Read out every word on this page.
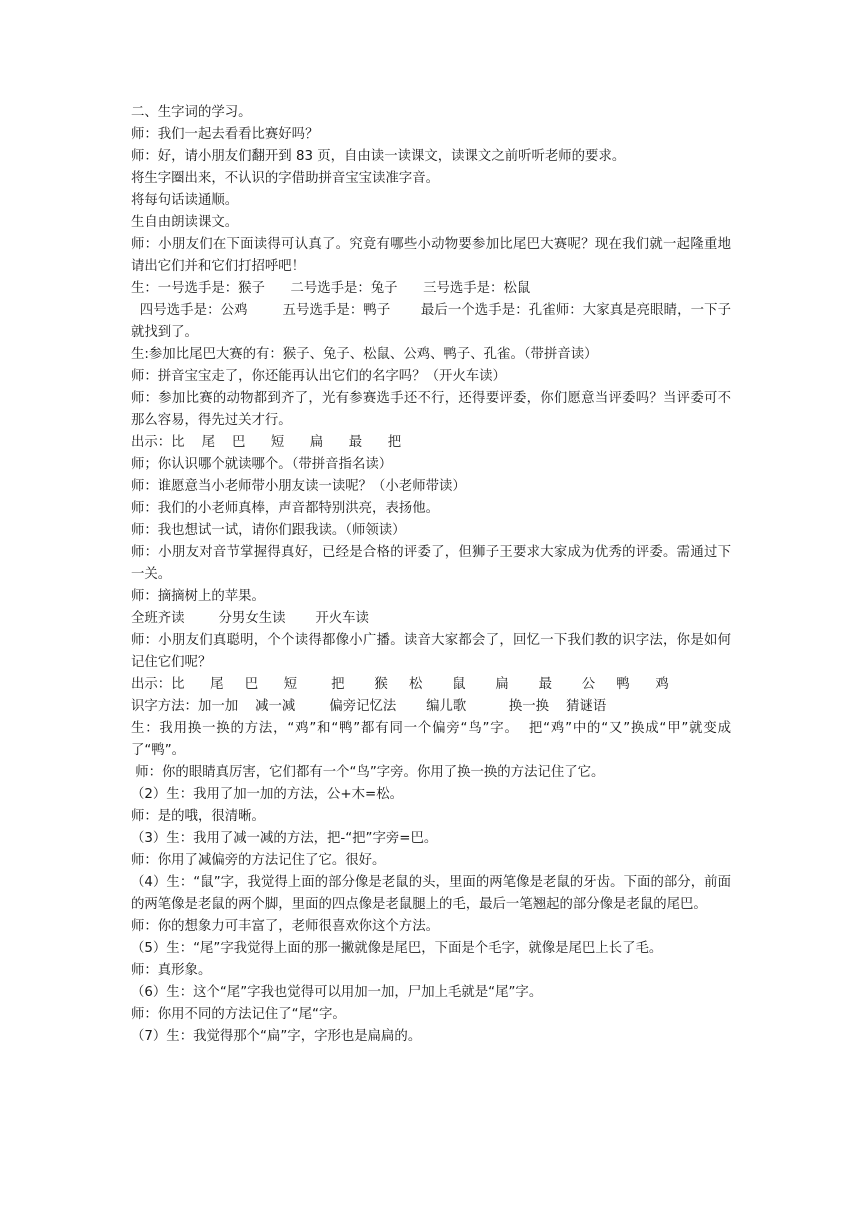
二、生字词的学习。

师：我们一起去看看比赛好吗？

师：好，请小朋友们翻开到 83 页，自由读一读课文，读课文之前听听老师的要求。

将生字圈出来，不认识的字借助拼音宝宝读准字音。

将每句话读通顺。

生自由朗读课文。

师：小朋友们在下面读得可认真了。究竟有哪些小动物要参加比尾巴大赛呢？现在我们就一起隆重地请出它们并和它们打招呼吧！

生：一号选手是：猴子      二号选手是：兔子      三号选手是：松鼠

四号选手是：公鸡        五号选手是：鸭子       最后一个选手是：孔雀师：大家真是亮眼睛，一下子就找到了。

生:参加比尾巴大赛的有：猴子、兔子、松鼠、公鸡、鸭子、孔雀。（带拼音读）

师：拼音宝宝走了，你还能再认出它们的名字吗？（开火车读）

师：参加比赛的动物都到齐了，光有参赛选手还不行，还得要评委，你们愿意当评委吗？当评委可不那么容易，得先过关才行。

出示：比    尾    巴      短      扁      最      把

师；你认识哪个就读哪个。（带拼音指名读）

师：谁愿意当小老师带小朋友读一读呢？（小老师带读）

师：我们的小老师真棒，声音都特别洪亮，表扬他。

师：我也想试一试，请你们跟我读。（师领读）

师：小朋友对音节掌握得真好，已经是合格的评委了，但狮子王要求大家成为优秀的评委。需通过下一关。

师：摘摘树上的苹果。

全班齐读        分男女生读       开火车读

师：小朋友们真聪明，个个读得都像小广播。读音大家都会了，回忆一下我们教的识字法，你是如何记住它们呢？

出示：比      尾     巴      短        把       猴     松       鼠       扁       最       公     鸭      鸡

识字方法：加一加    减一减        偏旁记忆法       编儿歌          换一换    猜谜语

生：我用换一换的方法，“鸡”和“鸭”都有同一个偏旁“鸟”字。  把“鸡”中的“又”换成“甲”就变成了“鸭”。

师：你的眼睛真厉害，它们都有一个“鸟”字旁。你用了换一换的方法记住了它。

（2）生：我用了加一加的方法，公+木=松。

师：是的哦，很清晰。

（3）生：我用了减一减的方法，把-“把”字旁=巴。

师：你用了减偏旁的方法记住了它。很好。

（4）生：“鼠”字，我觉得上面的部分像是老鼠的头，里面的两笔像是老鼠的牙齿。下面的部分，前面的两笔像是老鼠的两个脚，里面的四点像是老鼠腿上的毛，最后一笔翘起的部分像是老鼠的尾巴。

师：你的想象力可丰富了，老师很喜欢你这个方法。

（5）生：“尾”字我觉得上面的那一撇就像是尾巴，下面是个毛字，就像是尾巴上长了毛。

师：真形象。

（6）生：这个“尾”字我也觉得可以用加一加，尸加上毛就是“尾”字。

师：你用不同的方法记住了“尾“字。

（7）生：我觉得那个“扁”字，字形也是扁扁的。
